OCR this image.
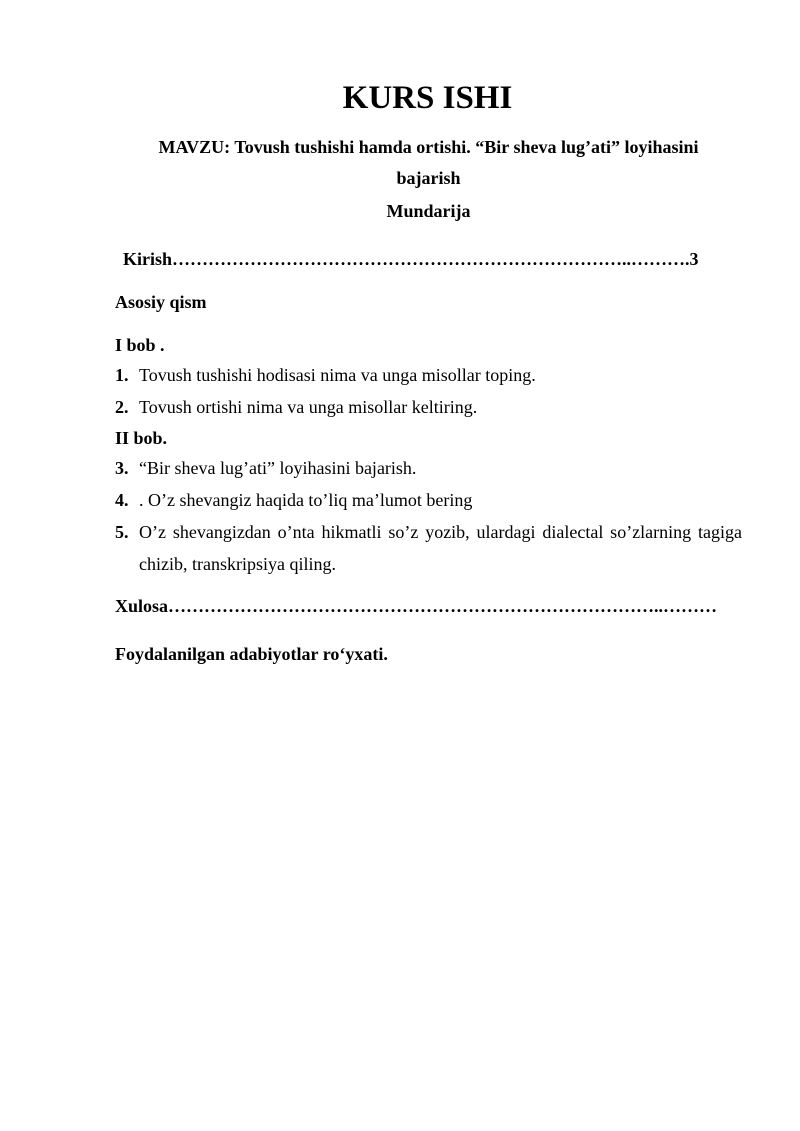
KURS ISHI

MAVZU: Tovush tushishi hamda ortishi. “Bir sheva lug’ati” loyihasini bajarish

Mundarija

Kirish…………………………………………………………………..……….3
Asosiy qism
I bob .
1. Tovush tushishi hodisasi nima va unga misollar toping.
2. Tovush ortishi nima va unga misollar keltiring.
II bob.
3. “Bir sheva lug’ati” loyihasini bajarish.
4. . O’z shevangiz haqida to’liq ma’lumot bering
5. O’z shevangizdan o’nta hikmatli so’z yozib, ulardagi dialectal so’zlarning tagiga chizib, transkripsiya qiling.
Xulosa………………………………………………………………………..………
Foydalanilgan adabiyotlar ro‘yxati.
